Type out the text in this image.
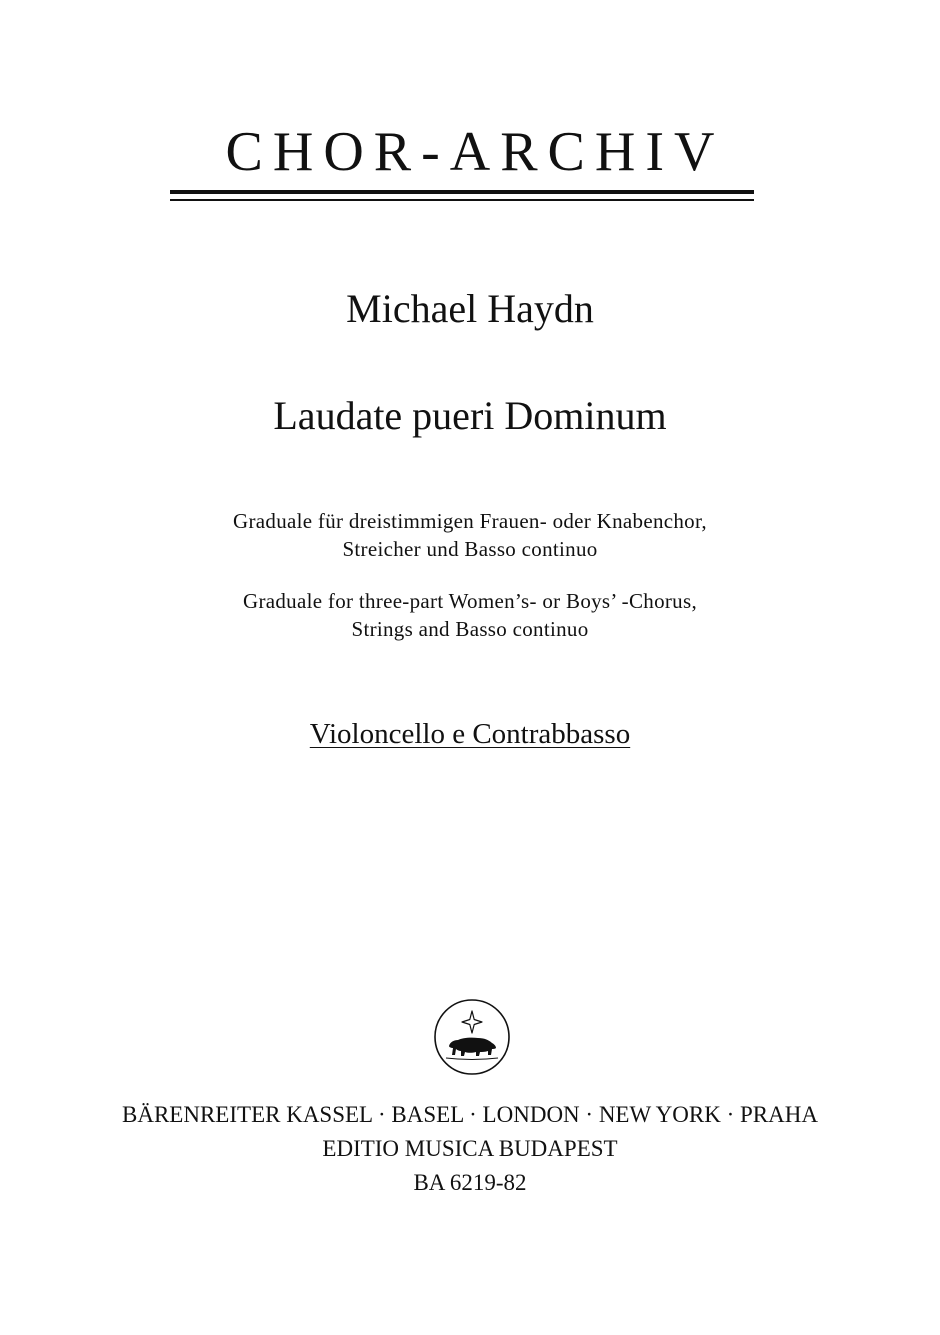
CHOR-ARCHIV
Michael Haydn
Laudate pueri Dominum
Graduale für dreistimmigen Frauen- oder Knabenchor,
Streicher und Basso continuo
Graduale for three-part Women’s- or Boys’ -Chorus,
Strings and Basso continuo
Violoncello e Contrabbasso
BÄRENREITER KASSEL · BASEL · LONDON · NEW YORK · PRAHA
EDITIO MUSICA BUDAPEST
BA 6219-82
